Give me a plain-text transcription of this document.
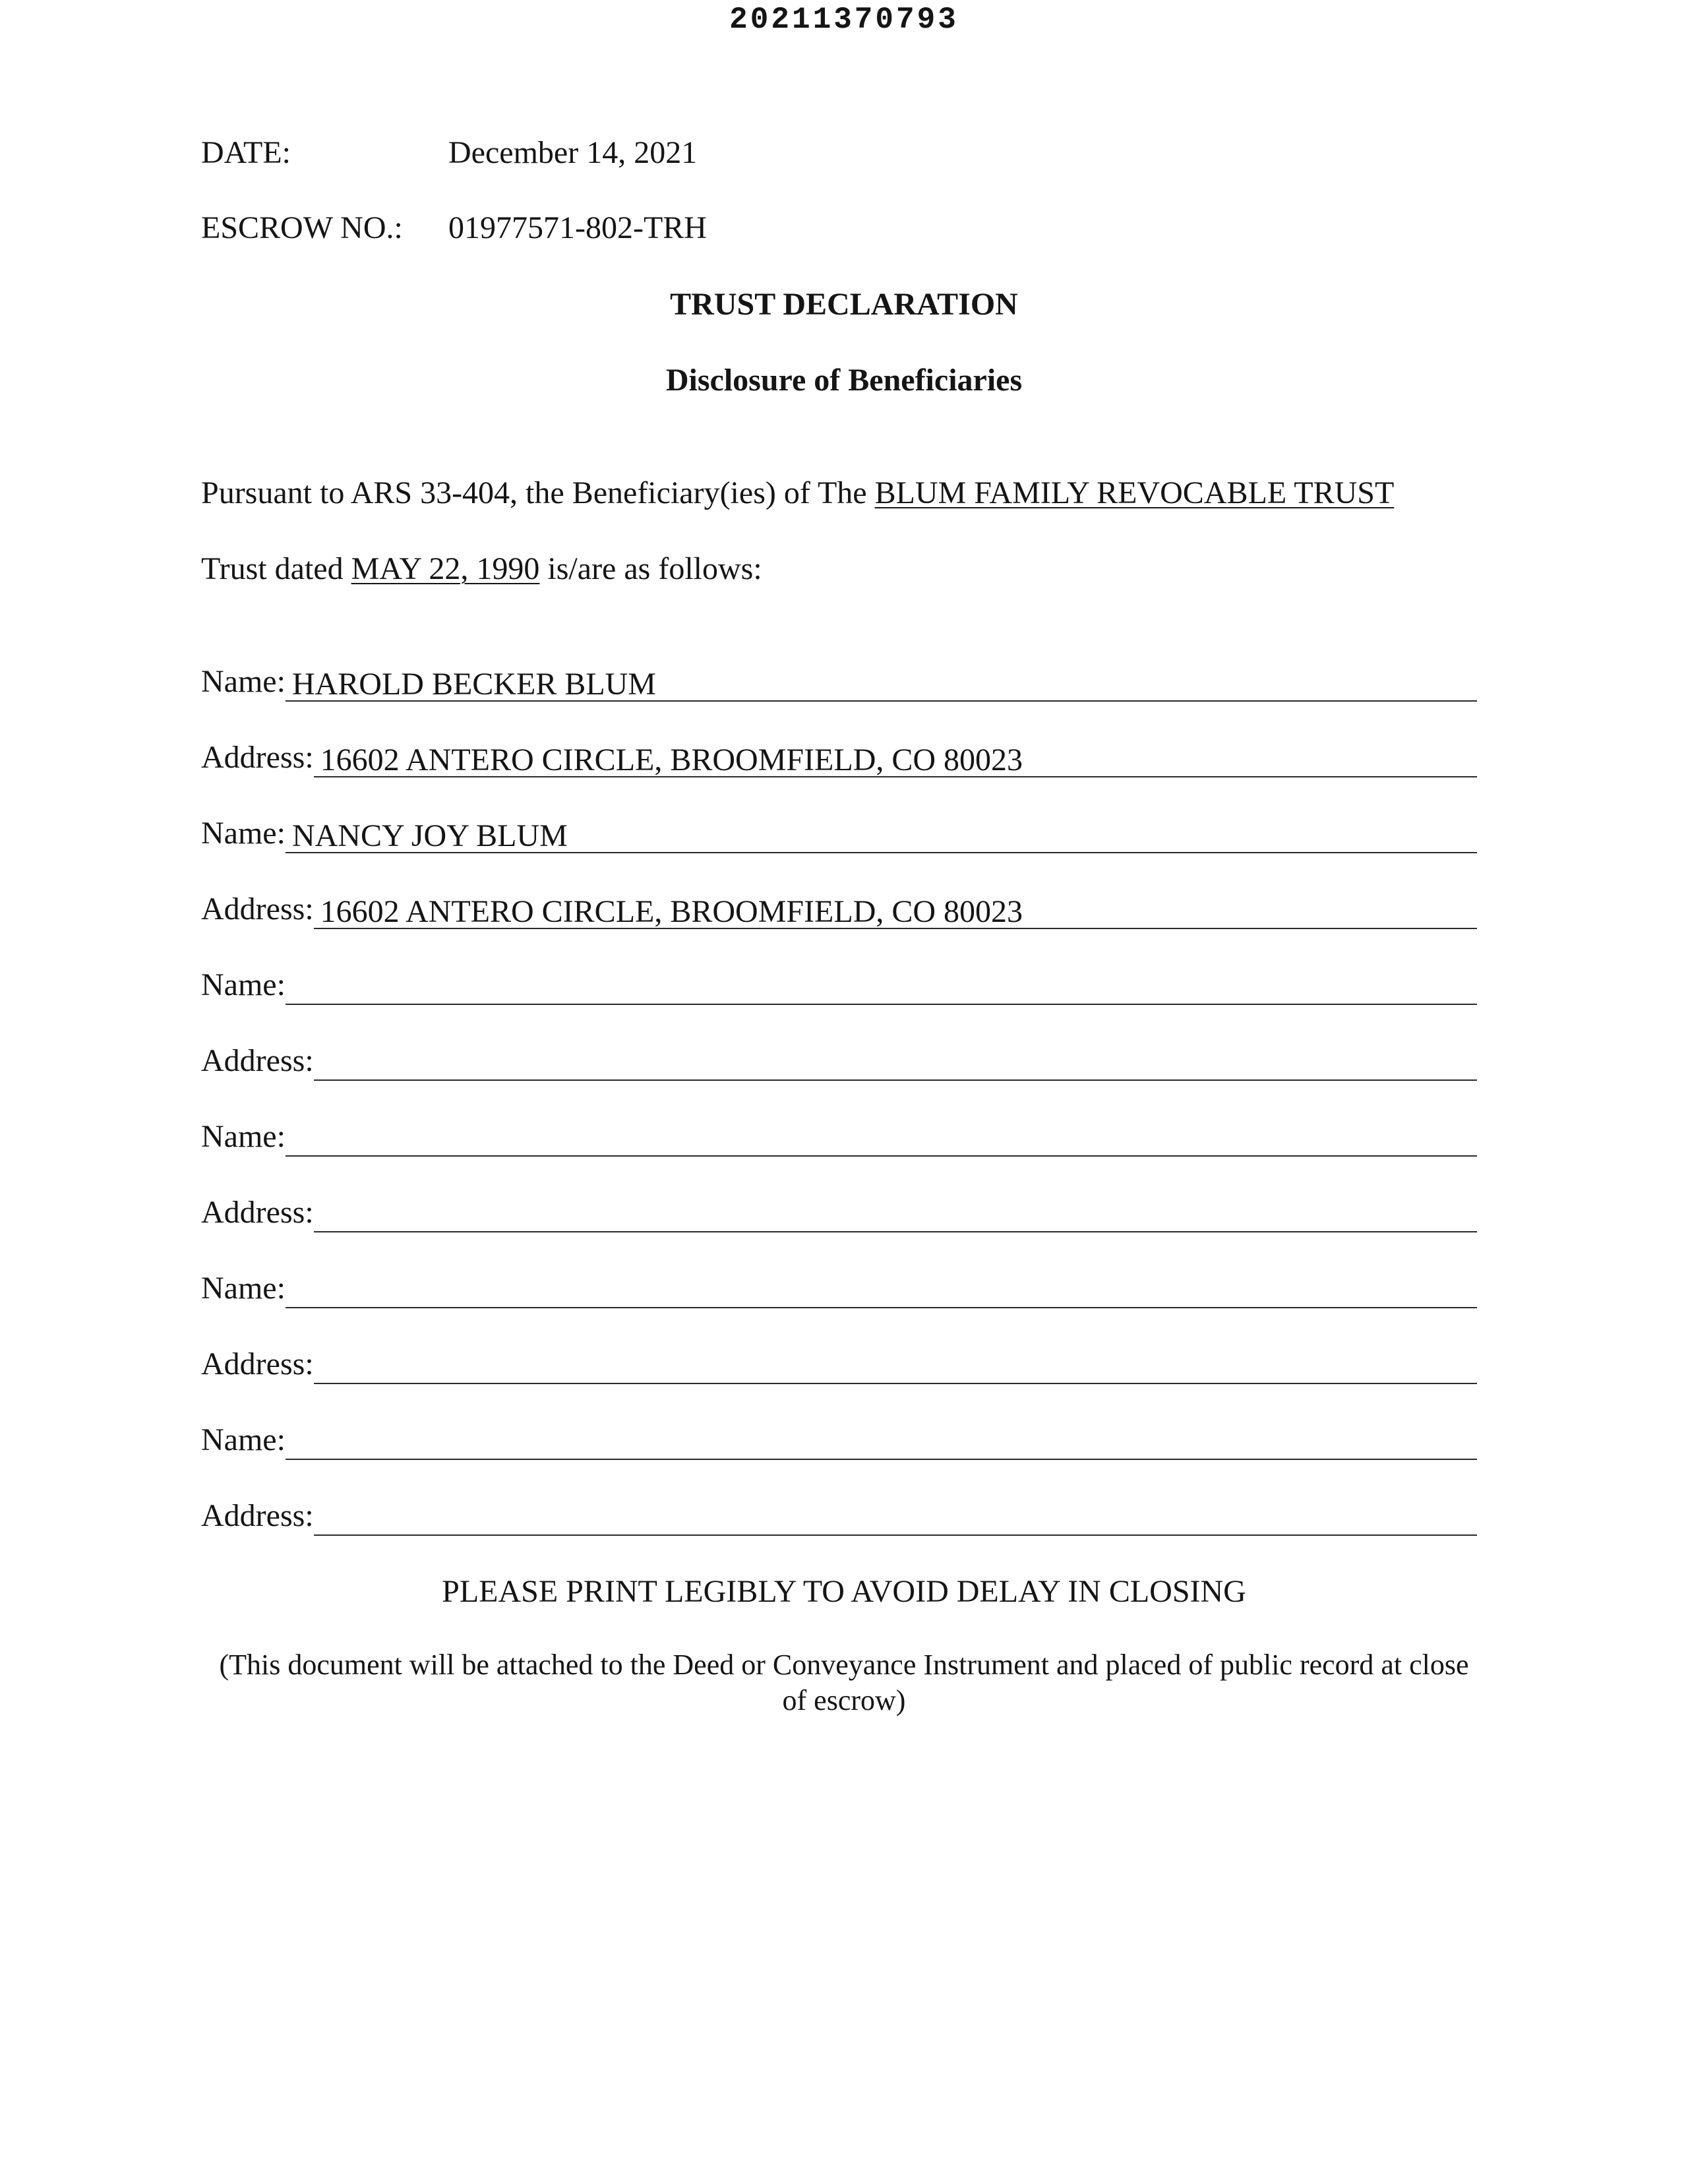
20211370793
DATE:	December 14, 2021
ESCROW NO.: 01977571-802-TRH
TRUST DECLARATION
Disclosure of Beneficiaries
Pursuant to ARS 33-404, the Beneficiary(ies) of The BLUM FAMILY REVOCABLE TRUST
Trust dated MAY 22, 1990 is/are as follows:
Name: HAROLD BECKER BLUM
Address: 16602 ANTERO CIRCLE, BROOMFIELD, CO 80023
Name: NANCY JOY BLUM
Address: 16602 ANTERO CIRCLE, BROOMFIELD, CO 80023
Name:
Address:
Name:
Address:
Name:
Address:
Name:
Address:
PLEASE PRINT LEGIBLY TO AVOID DELAY IN CLOSING
(This document will be attached to the Deed or Conveyance Instrument and placed of public record at close of escrow)
